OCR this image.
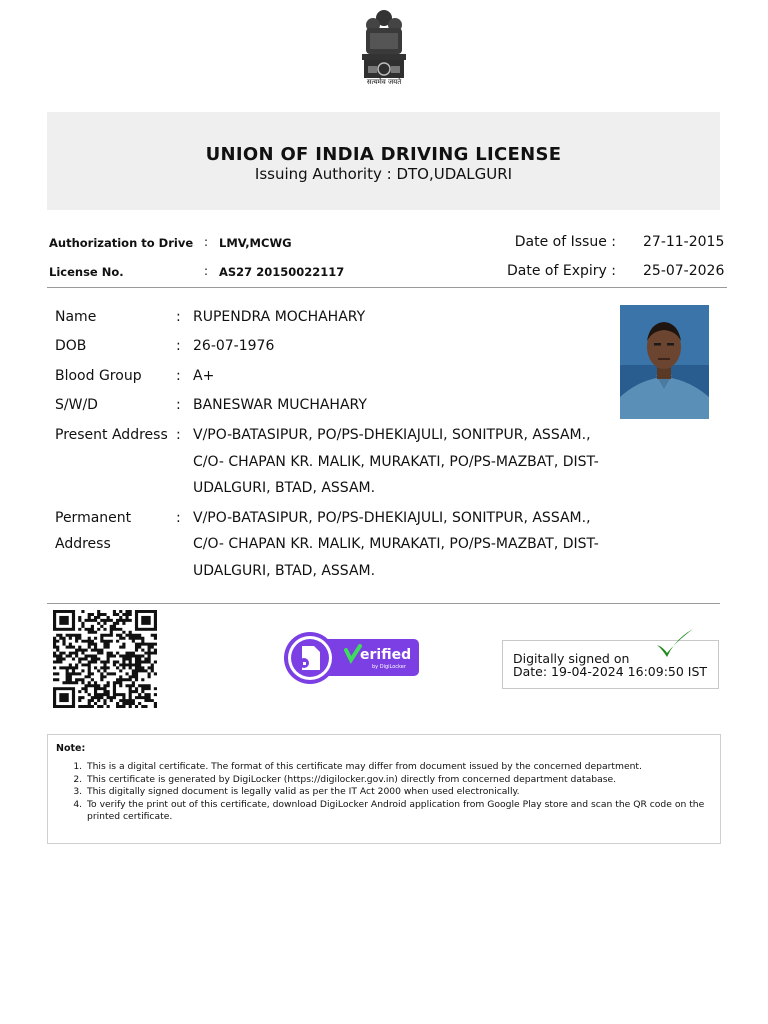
सत्यमेव जयते
UNION OF INDIA DRIVING LICENSE
Issuing Authority : DTO,UDALGURI
Authorization to Drive : LMV,MCWG
License No.	: AS27 20150022117
Date of Issue : 27-11-2015
Date of Expiry : 25-07-2026
Name	: RUPENDRA MOCHAHARY
DOB	: 26-07-1976
Blood Group : A+
S/W/D	: BANESWAR MUCHAHARY
Present Address : V/PO-BATASIPUR, PO/PS-DHEKIAJULI, SONITPUR, ASSAM.,
C/O- CHAPAN KR. MALIK, MURAKATI, PO/PS-MAZBAT, DIST-
UDALGURI, BTAD, ASSAM.
Permanent
Address
: V/PO-BATASIPUR, PO/PS-DHEKIAJULI, SONITPUR, ASSAM.,
C/O- CHAPAN KR. MALIK, MURAKATI, PO/PS-MAZBAT, DIST-
UDALGURI, BTAD, ASSAM.
erified
by DigiLocker
Digitally signed on
Date: 19-04-2024 16:09:50 IST
Note:
1. This is a digital certificate. The format of this certificate may differ from document issued by the concerned department.
2. This certificate is generated by DigiLocker (https://digilocker.gov.in) directly from concerned department database.
3. This digitally signed document is legally valid as per the IT Act 2000 when used electronically.
4. To verify the print out of this certificate, download DigiLocker Android application from Google Play store and scan the QR code on the printed certificate.
